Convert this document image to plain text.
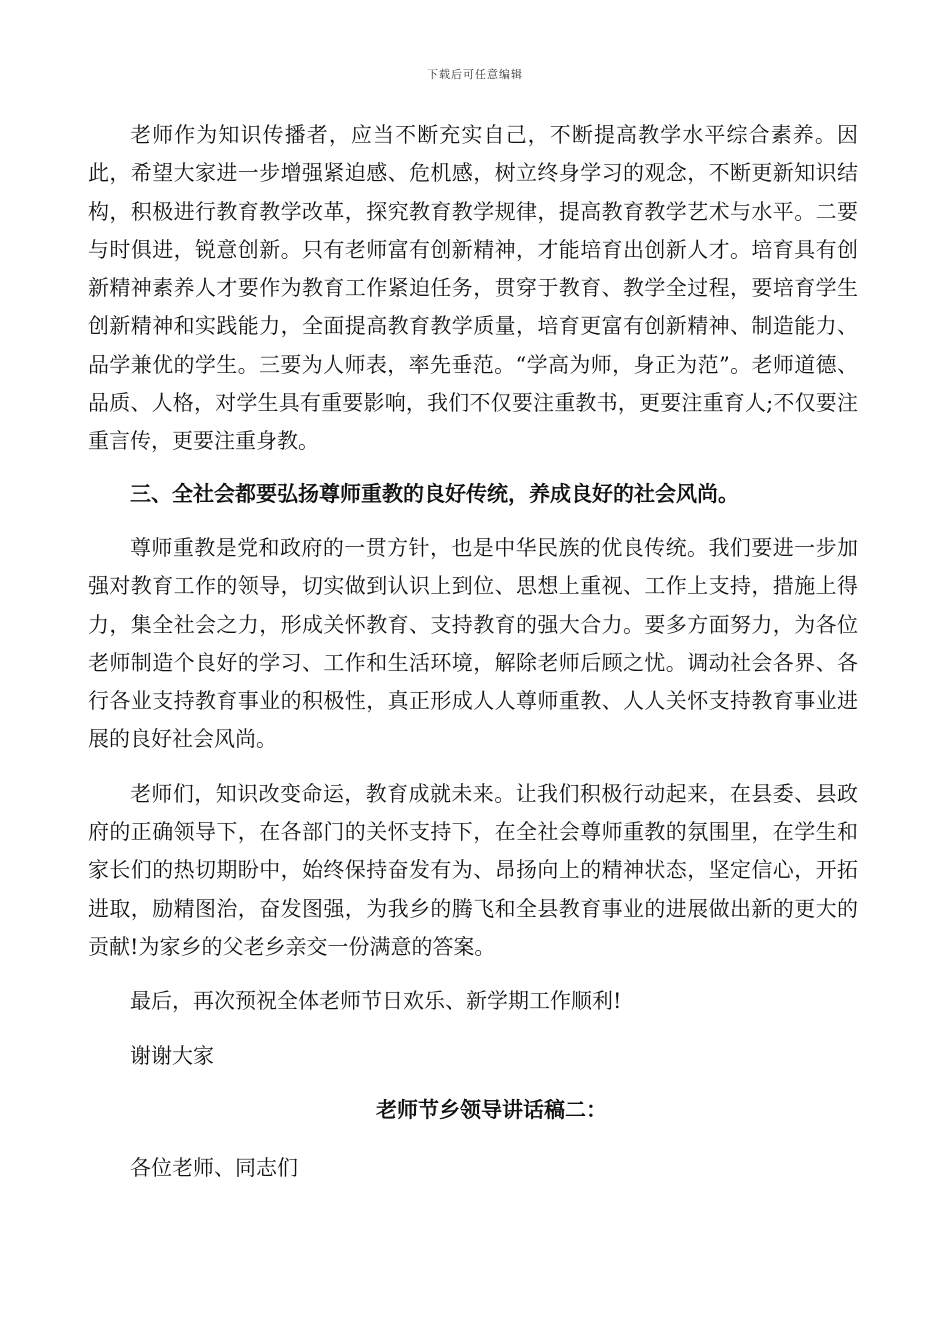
下载后可任意编辑

老师作为知识传播者，应当不断充实自己，不断提高教学水平综合素养。因此，希望大家进一步增强紧迫感、危机感，树立终身学习的观念，不断更新知识结构，积极进行教育教学改革，探究教育教学规律，提高教育教学艺术与水平。二要与时俱进，锐意创新。只有老师富有创新精神，才能培育出创新人才。培育具有创新精神素养人才要作为教育工作紧迫任务，贯穿于教育、教学全过程，要培育学生创新精神和实践能力，全面提高教育教学质量，培育更富有创新精神、制造能力、品学兼优的学生。三要为人师表，率先垂范。“学高为师，身正为范”。老师道德、品质、人格，对学生具有重要影响，我们不仅要注重教书，更要注重育人;不仅要注重言传，更要注重身教。

三、全社会都要弘扬尊师重教的良好传统，养成良好的社会风尚。

尊师重教是党和政府的一贯方针，也是中华民族的优良传统。我们要进一步加强对教育工作的领导，切实做到认识上到位、思想上重视、工作上支持，措施上得力，集全社会之力，形成关怀教育、支持教育的强大合力。要多方面努力，为各位老师制造个良好的学习、工作和生活环境，解除老师后顾之忧。调动社会各界、各行各业支持教育事业的积极性，真正形成人人尊师重教、人人关怀支持教育事业进展的良好社会风尚。

老师们，知识改变命运，教育成就未来。让我们积极行动起来，在县委、县政府的正确领导下，在各部门的关怀支持下，在全社会尊师重教的氛围里，在学生和家长们的热切期盼中，始终保持奋发有为、昂扬向上的精神状态，坚定信心，开拓进取，励精图治，奋发图强，为我乡的腾飞和全县教育事业的进展做出新的更大的贡献!为家乡的父老乡亲交一份满意的答案。

最后，再次预祝全体老师节日欢乐、新学期工作顺利!

谢谢大家

老师节乡领导讲话稿二：
各位老师、同志们
